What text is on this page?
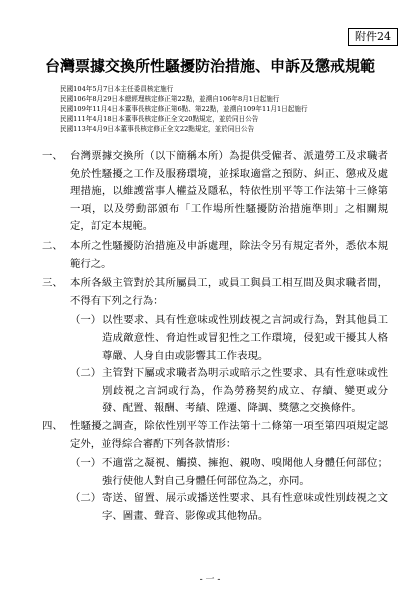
附件24
台灣票據交換所性騷擾防治措施、申訴及懲戒規範
民國104年5月7日本主任委員核定施行
民國106年8月29日本總經理核定修正第22點，並溯自106年8月1日起施行
民國109年11月4日本董事長核定修正第6點、第22點，並溯自109年11月1日起施行
民國111年4月18日本董事長核定修正全文20點規定，並於同日公告
民國113年4月9日本董事長核定修正全文22點規定，並於同日公告
一、 台灣票據交換所（以下簡稱本所）為提供受僱者、派遣勞工及求職者免於性騷擾之工作及服務環境，並採取適當之預防、糾正、懲戒及處理措施，以維護當事人權益及隱私，特依性別平等工作法第十三條第一項，以及勞動部頒布「工作場所性騷擾防治措施準則」之相關規定，訂定本規範。
二、 本所之性騷擾防治措施及申訴處理，除法令另有規定者外，悉依本規範行之。
三、 本所各級主管對於其所屬員工，或員工與員工相互間及與求職者間，不得有下列之行為：
（一） 以性要求、具有性意味或性別歧視之言詞或行為，對其他員工造成敵意性、脅迫性或冒犯性之工作環境，侵犯或干擾其人格尊嚴、人身自由或影響其工作表現。
（二） 主管對下屬或求職者為明示或暗示之性要求、具有性意味或性別歧視之言詞或行為，作為勞務契約成立、存續、變更或分發、配置、報酬、考績、陞遷、降調、獎懲之交換條件。
四、 性騷擾之調查，除依性別平等工作法第十二條第一項至第四項規定認定外，並得綜合審酌下列各款情形：
（一） 不適當之凝視、觸摸、擁抱、親吻、嗅聞他人身體任何部位；強行使他人對自己身體任何部位為之，亦同。
（二） 寄送、留置、展示或播送性要求、具有性意味或性別歧視之文字、圖畫、聲音、影像或其他物品。
- 一 -
